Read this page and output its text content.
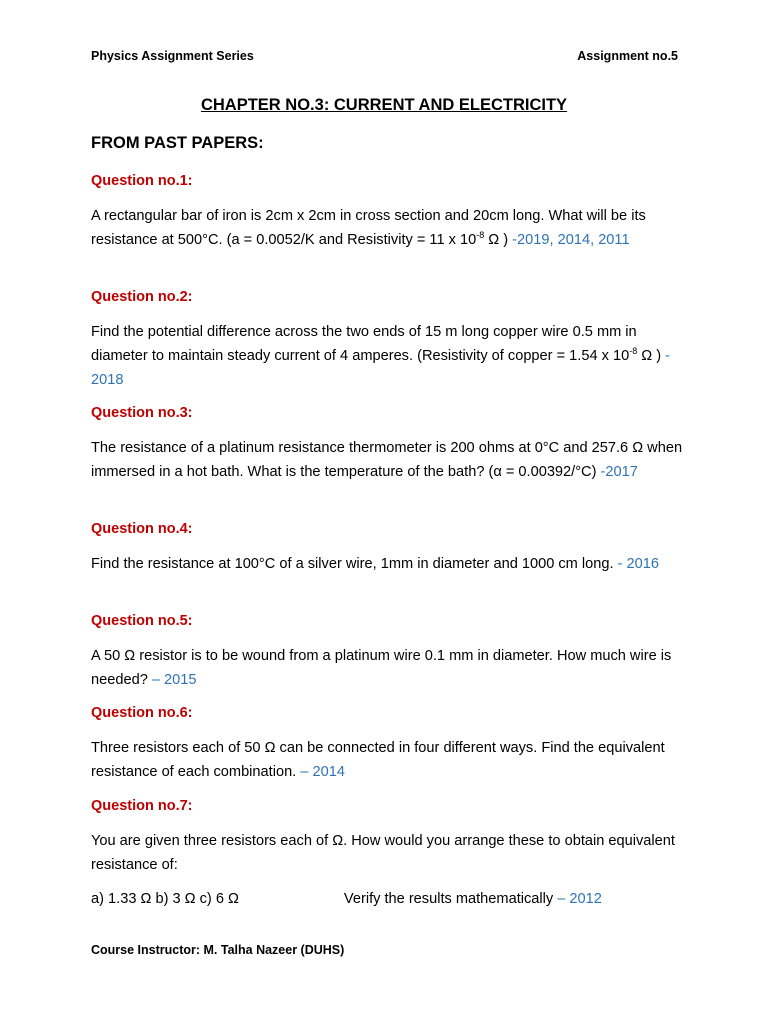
Physics Assignment Series	Assignment no.5
CHAPTER NO.3: CURRENT AND ELECTRICITY
FROM PAST PAPERS:

Question no.1:

A rectangular bar of iron is 2cm x 2cm in cross section and 20cm long. What will be its resistance at 500°C. (a = 0.0052/K and Resistivity = 11 x $10^{-8}$ Ω ) -2019, 2014, 2011

Question no.2:

Find the potential difference across the two ends of 15 m long copper wire 0.5 mm in diameter to maintain steady current of 4 amperes. (Resistivity of copper = 1.54 x $10^{-8}$ Ω ) - 2018

Question no.3:

The resistance of a platinum resistance thermometer is 200 ohms at 0°C and 257.6 Ω when immersed in a hot bath. What is the temperature of the bath? (α = 0.00392/°C) -2017

Question no.4:

Find the resistance at 100°C of a silver wire, 1mm in diameter and 1000 cm long. - 2016

Question no.5:

A 50 Ω resistor is to be wound from a platinum wire 0.1 mm in diameter. How much wire is needed? – 2015

Question no.6:

Three resistors each of 50 Ω can be connected in four different ways. Find the equivalent resistance of each combination. – 2014

Question no.7:

You are given three resistors each of Ω. How would you arrange these to obtain equivalent resistance of:

a) 1.33 Ω b) 3 Ω c) 6 Ω	Verify the results mathematically – 2012

Course Instructor: M. Talha Nazeer (DUHS)
